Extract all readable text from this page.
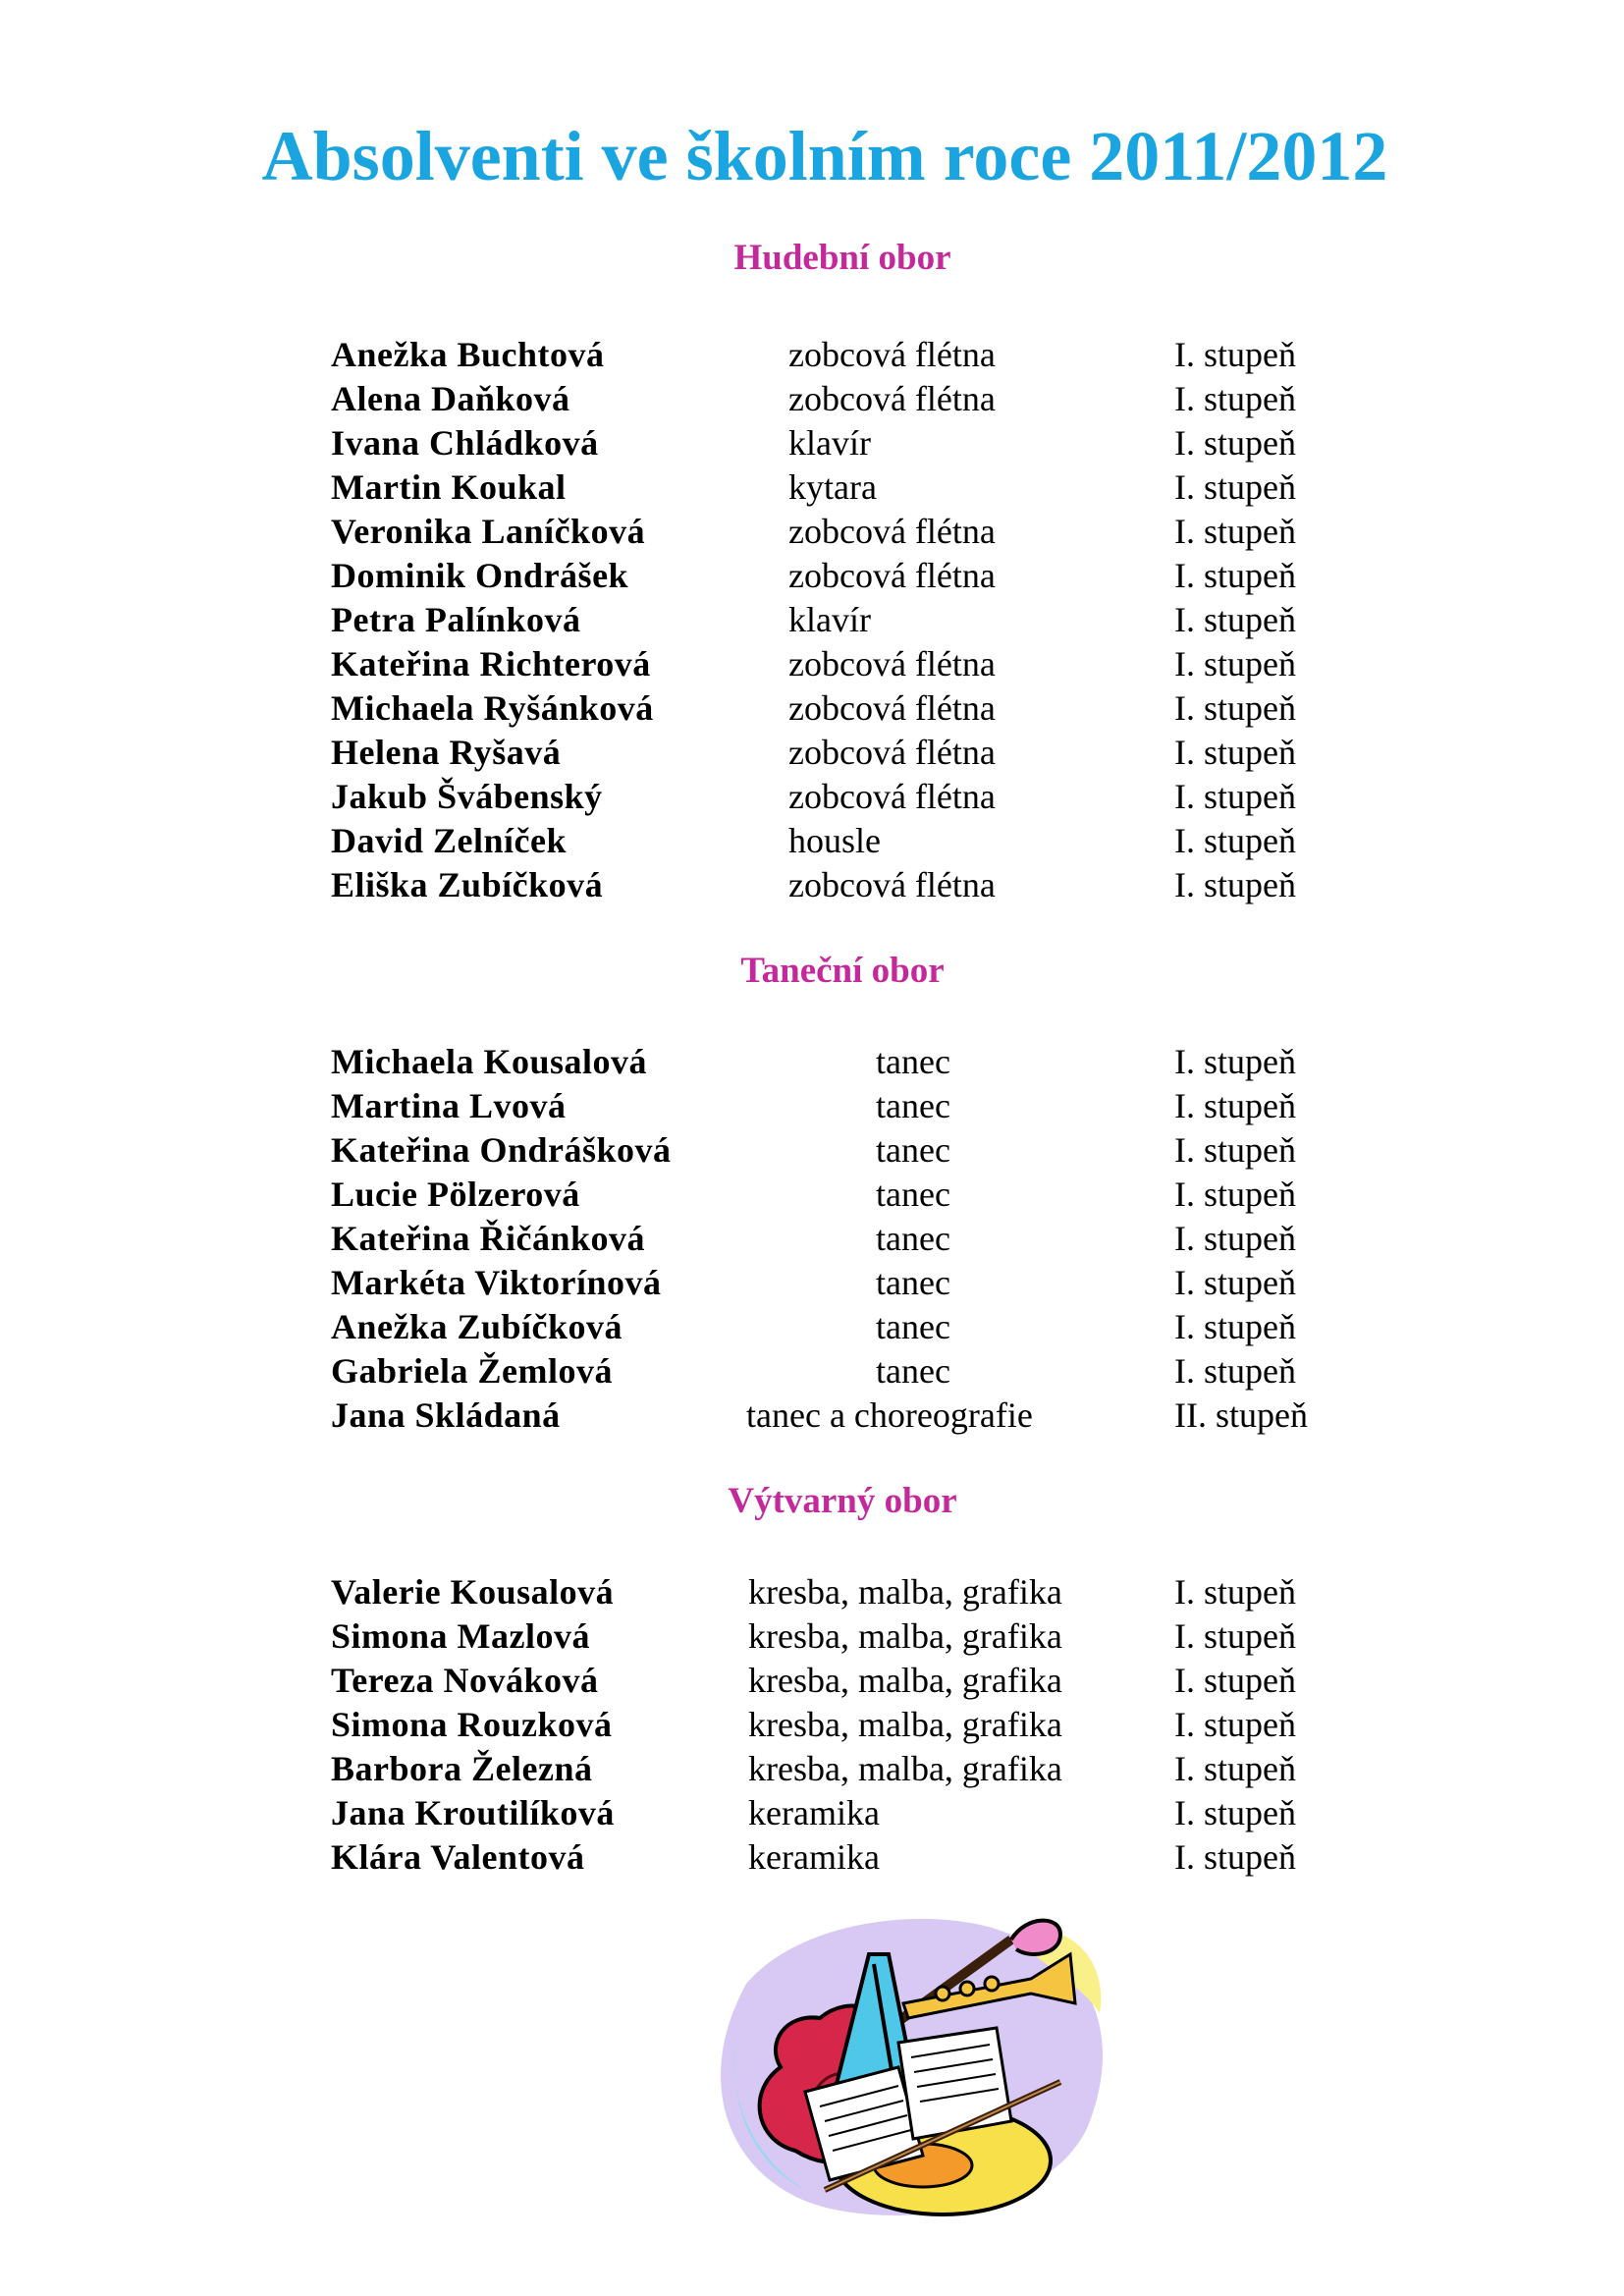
Absolventi ve školním roce 2011/2012
Hudební obor
Anežka Buchtová	zobcová flétna	I. stupeň
Alena Daňková	zobcová flétna	I. stupeň
Ivana Chládková	klavír	I. stupeň
Martin Koukal	kytara	I. stupeň
Veronika Laníčková	zobcová flétna	I. stupeň
Dominik Ondrášek	zobcová flétna	I. stupeň
Petra Palínková	klavír	I. stupeň
Kateřina Richterová	zobcová flétna	I. stupeň
Michaela Ryšánková	zobcová flétna	I. stupeň
Helena Ryšavá	zobcová flétna	I. stupeň
Jakub Švábenský	zobcová flétna	I. stupeň
David Zelníček	housle	I. stupeň
Eliška Zubíčková	zobcová flétna	I. stupeň
Taneční obor
Michaela Kousalová	tanec	I. stupeň
Martina Lvová	tanec	I. stupeň
Kateřina Ondrášková	tanec	I. stupeň
Lucie Pölzerová	tanec	I. stupeň
Kateřina Řičánková	tanec	I. stupeň
Markéta Viktorínová	tanec	I. stupeň
Anežka Zubíčková	tanec	I. stupeň
Gabriela Žemlová	tanec	I. stupeň
Jana Skládaná	tanec a choreografie	II. stupeň
Výtvarný obor
Valerie Kousalová	kresba, malba, grafika	I. stupeň
Simona Mazlová	kresba, malba, grafika	I. stupeň
Tereza Nováková	kresba, malba, grafika	I. stupeň
Simona Rouzková	kresba, malba, grafika	I. stupeň
Barbora Železná	kresba, malba, grafika	I. stupeň
Jana Kroutilíková	keramika	I. stupeň
Klára Valentová	keramika	I. stupeň
